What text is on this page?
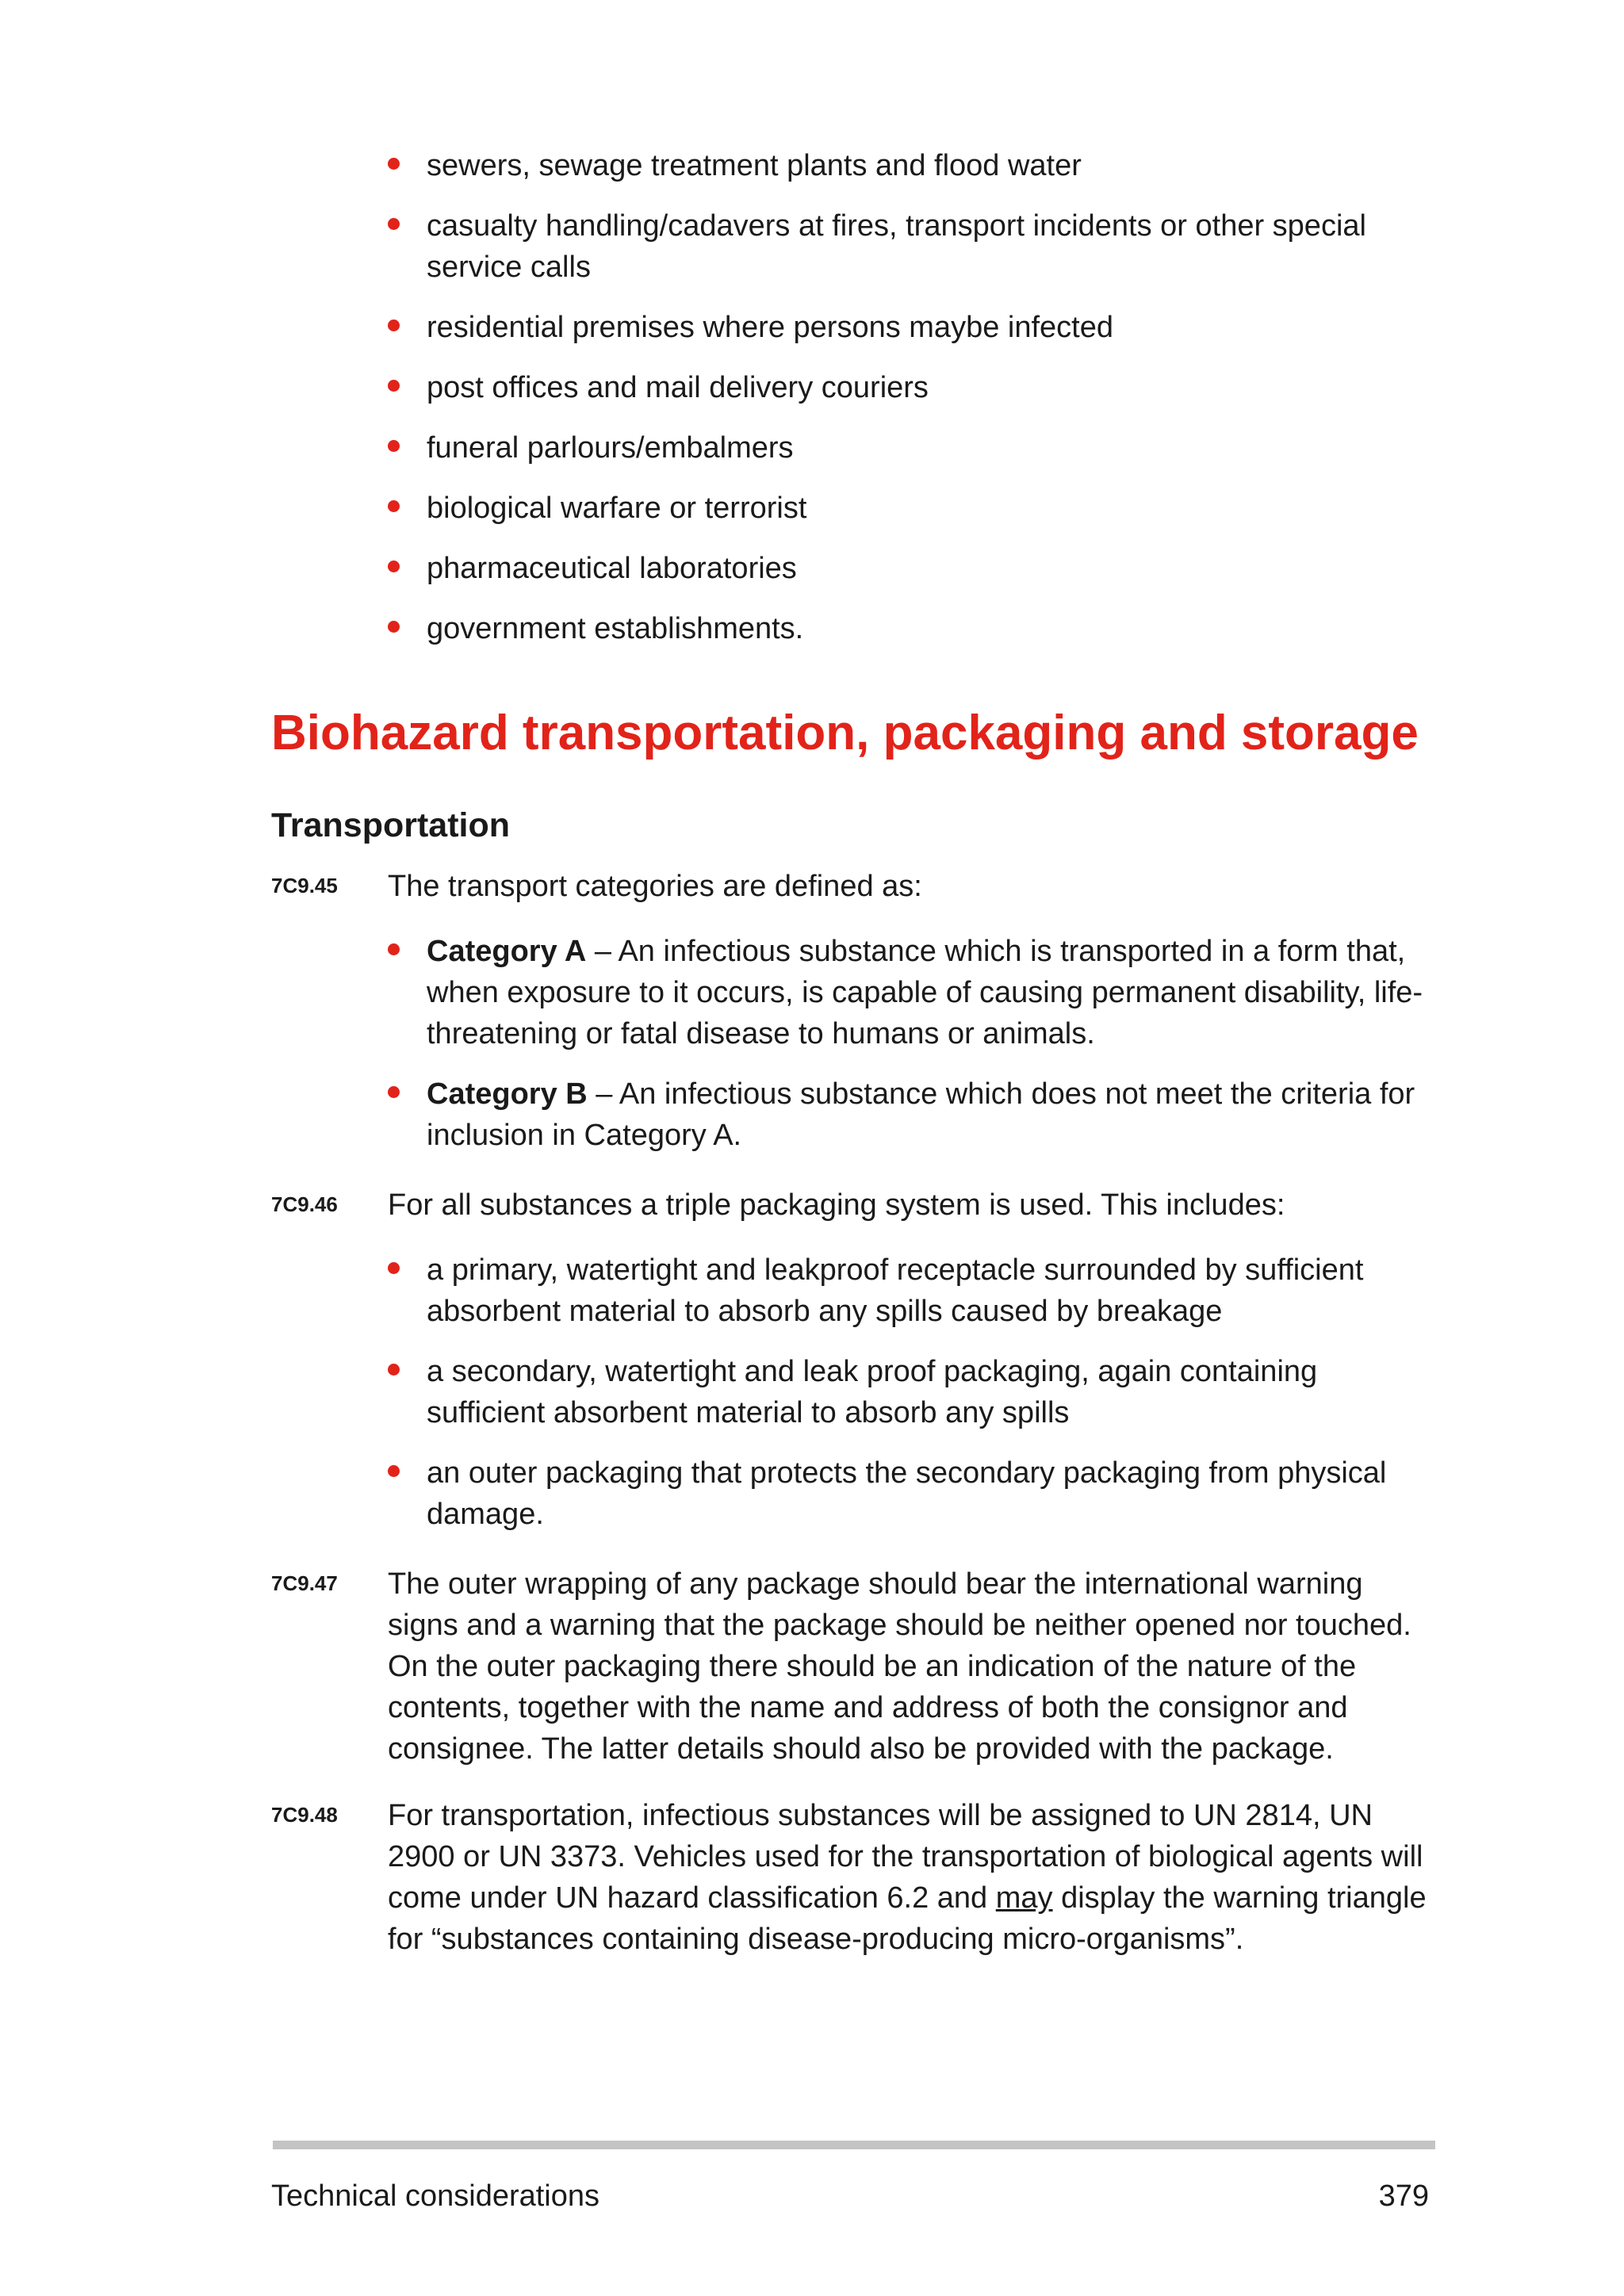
sewers, sewage treatment plants and flood water
casualty handling/cadavers at fires, transport incidents or other special service calls
residential premises where persons maybe infected
post offices and mail delivery couriers
funeral parlours/embalmers
biological warfare or terrorist
pharmaceutical laboratories
government establishments.
Biohazard transportation, packaging and storage
Transportation
7C9.45 The transport categories are defined as:

Category A – An infectious substance which is transported in a form that, when exposure to it occurs, is capable of causing permanent disability, life-threatening or fatal disease to humans or animals.
Category B – An infectious substance which does not meet the criteria for inclusion in Category A.
7C9.46 For all substances a triple packaging system is used. This includes:

a primary, watertight and leakproof receptacle surrounded by sufficient absorbent material to absorb any spills caused by breakage
a secondary, watertight and leak proof packaging, again containing sufficient absorbent material to absorb any spills
an outer packaging that protects the secondary packaging from physical damage.
7C9.47 The outer wrapping of any package should bear the international warning signs and a warning that the package should be neither opened nor touched. On the outer packaging there should be an indication of the nature of the contents, together with the name and address of both the consignor and consignee. The latter details should also be provided with the package.

7C9.48 For transportation, infectious substances will be assigned to UN 2814, UN 2900 or UN 3373. Vehicles used for the transportation of biological agents will come under UN hazard classification 6.2 and may display the warning triangle for “substances containing disease-producing micro-organisms”.

Technical considerations	379
